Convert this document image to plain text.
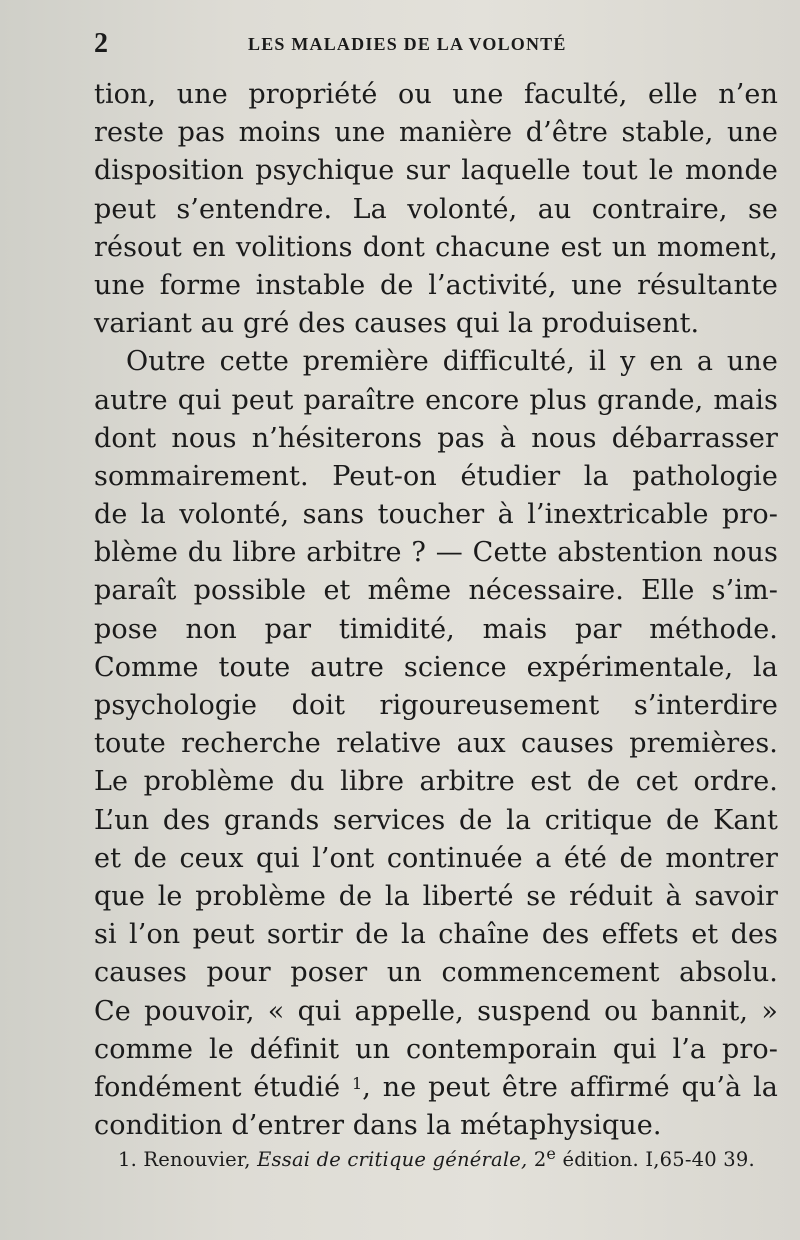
2	LES MALADIES DE LA VOLONTÉ
tion, une propriété ou une faculté, elle n’en
reste pas moins une manière d’être stable, une
disposition psychique sur laquelle tout le monde
peut s’entendre. La volonté, au contraire, se
résout en volitions dont chacune est un moment,
une forme instable de l’activité, une résultante
variant au gré des causes qui la produisent.
Outre cette première difficulté, il y en a une
autre qui peut paraître encore plus grande, mais
dont nous n’hésiterons pas à nous débarrasser
sommairement. Peut-on étudier la pathologie
de la volonté, sans toucher à l’inextricable pro-
blème du libre arbitre ? — Cette abstention nous
paraît possible et même nécessaire. Elle s’im-
pose non par timidité, mais par méthode.
Comme toute autre science expérimentale, la
psychologie doit rigoureusement s’interdire
toute recherche relative aux causes premières.
Le problème du libre arbitre est de cet ordre.
L’un des grands services de la critique de Kant
et de ceux qui l’ont continuée a été de montrer
que le problème de la liberté se réduit à savoir
si l’on peut sortir de la chaîne des effets et des
causes pour poser un commencement absolu.
Ce pouvoir, « qui appelle, suspend ou bannit, »
comme le définit un contemporain qui l’a pro-
fondément étudié $^1$, ne peut être affirmé qu’à la
condition d’entrer dans la métaphysique.
1. Renouvier, Essai de critique générale, 2e édition. I,65-40 39.
